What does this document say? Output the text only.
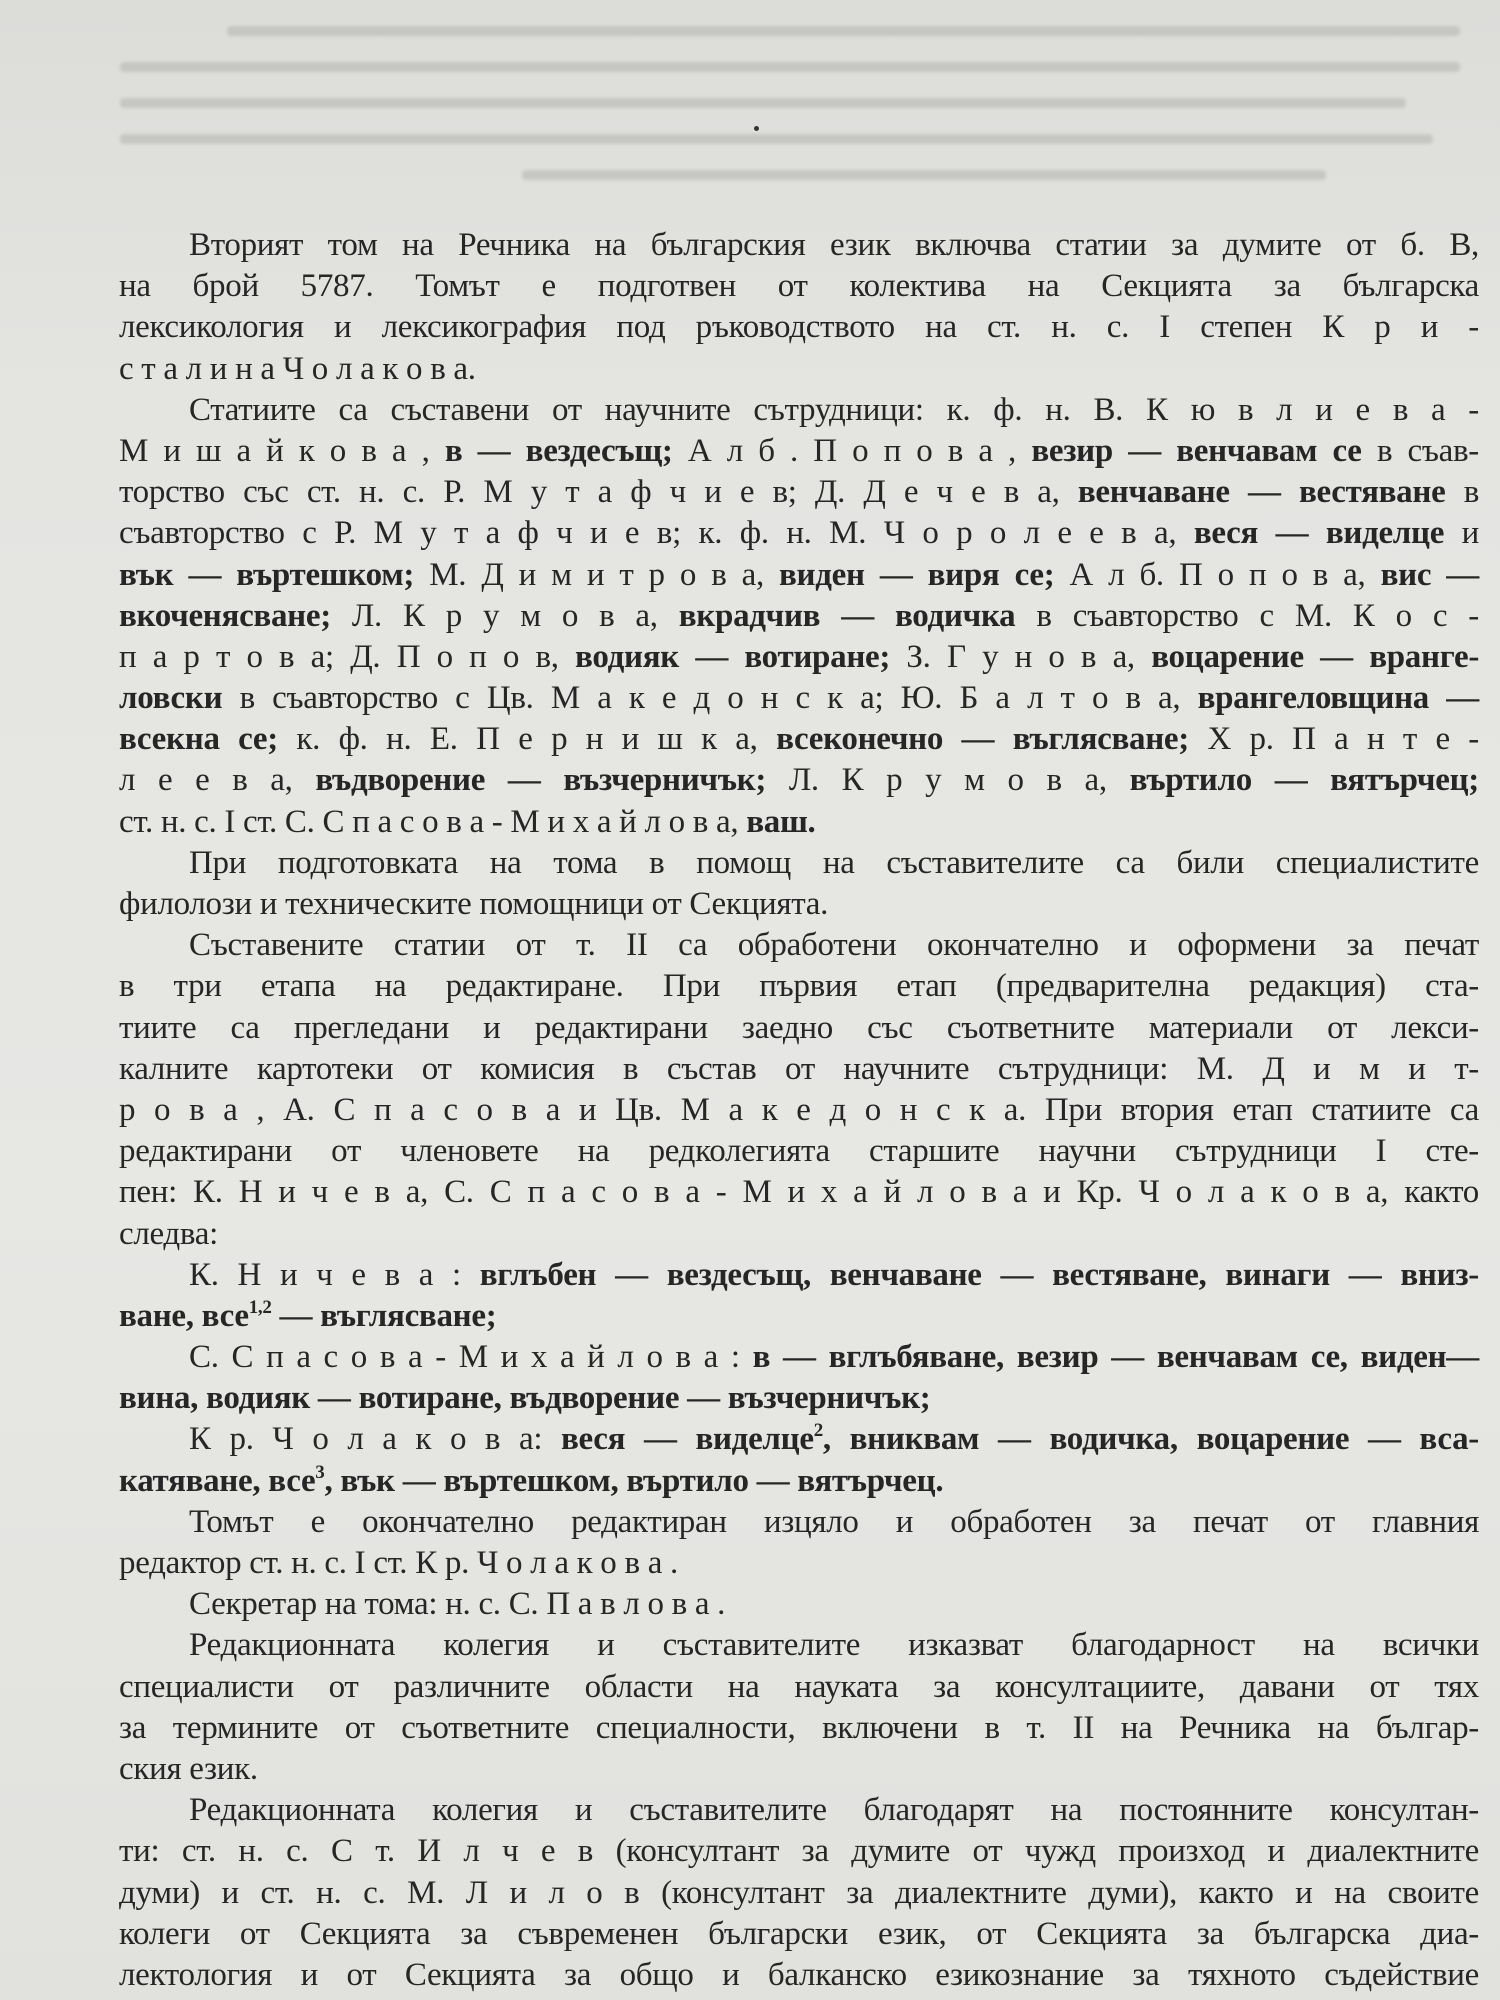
Вторият том на Речника на българския език включва статии за думите от б. В,
на брой 5787. Томът е подготвен от колектива на Секцията за българска
лексикология и лексикография под ръководството на ст. н. с. I степен К р и -
с т а л и н а Ч о л а к о в а.
Статиите са съставени от научните сътрудници: к. ф. н. В. К ю в л и е в а -
М и ш а й к о в а , в — вездесъщ; А л б . П о п о в а , везир — венчавам се в съав-
торство със ст. н. с. Р. М у т а ф ч и е в; Д. Д е ч е в а, венчаване — вестяване в
съавторство с Р. М у т а ф ч и е в; к. ф. н. М. Ч о р о л е е в а, веся — виделце и
вък — въртешком; М. Д и м и т р о в а, виден — виря се; А л б. П о п о в а, вис —
вкоченясване; Л. К р у м о в а, вкрадчив — водичка в съавторство с М. К о с -
п а р т о в а; Д. П о п о в, водияк — вотиране; З. Г у н о в а, воцарение — вранге-
ловски в съавторство с Цв. М а к е д о н с к а; Ю. Б а л т о в а, врангеловщина —
всекна се; к. ф. н. Е. П е р н и ш к а, всеконечно — въглясване; Х р. П а н т е -
л е е в а, въдворение — възчерничък; Л. К р у м о в а, въртило — вятърчец;
ст. н. с. I ст. С. С п а с о в а - М и х а й л о в а, ваш.
При подготовката на тома в помощ на съставителите са били специалистите
филолози и техническите помощници от Секцията.
Съставените статии от т. II са обработени окончателно и оформени за печат
в три етапа на редактиране. При първия етап (предварителна редакция) ста-
тиите са прегледани и редактирани заедно със съответните материали от лекси-
калните картотеки от комисия в състав от научните сътрудници: М. Д и м и т-
р о в а , А. С п а с о в а и Цв. М а к е д о н с к а. При втория етап статиите са
редактирани от членовете на редколегията старшите научни сътрудници I сте-
пен: К. Н и ч е в а, С. С п а с о в а - М и х а й л о в а и Кр. Ч о л а к о в а, както
следва:
К. Н и ч е в а : вглъбен — вездесъщ, венчаване — вестяване, винаги — вниз-
ване, все$^{1,2}$ — въглясване;
С. С п а с о в а - М и х а й л о в а : в — вглъбяване, везир — венчавам се, виден—
вина, водияк — вотиране, въдворение — възчерничък;
К р. Ч о л а к о в а: веся — виделце$^2$, вниквам — водичка, воцарение — вса-
катяване, все$^3$, вък — въртешком, въртило — вятърчец.
Томът е окончателно редактиран изцяло и обработен за печат от главния
редактор ст. н. с. I ст. К р. Ч о л а к о в а .
Секретар на тома: н. с. С. П а в л о в а .
Редакционната колегия и съставителите изказват благодарност на всички
специалисти от различните области на науката за консултациите, давани от тях
за термините от съответните специалности, включени в т. II на Речника на българ-
ския език.
Редакционната колегия и съставителите благодарят на постоянните консултан-
ти: ст. н. с. С т. И л ч е в (консултант за думите от чужд произход и диалектните
думи) и ст. н. с. М. Л и л о в (консултант за диалектните думи), както и на своите
колеги от Секцията за съвременен български език, от Секцията за българска диа-
лектология и от Секцията за общо и балканско езикознание за тяхното съдействие
